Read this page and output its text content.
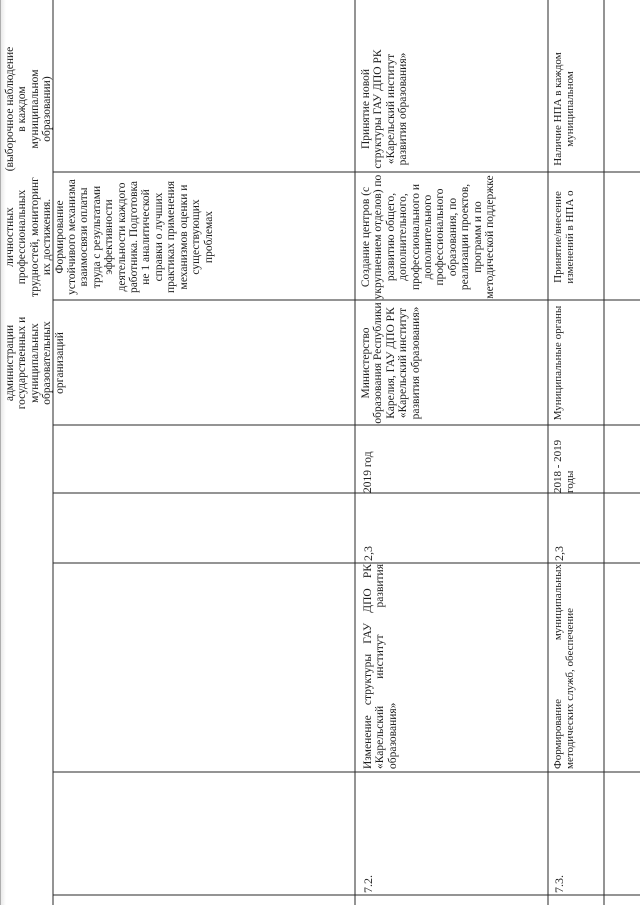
(выборочное наблюдение в каждом муниципальном образовании)
личностных профессиональных трудностей, мониторинг их достижения. Формирование устойчивого механизма взаимосвязи оплаты труда с результатами эффективности деятельности каждого работника. Подготовка не 1 аналитической справки о лучших практиках применения механизмов оценки и существующих проблемах
администрации государственных и муниципальных образовательных организаций
Принятие новой структуры ГАУ ДПО РК «Карельский институт развития образования»
Создание центров (с укрупнением отделов) по развитию общего, дополнительного, профессионального и дополнительного профессионального образования, по реализации проектов, программ и по методической поддержке
Министерство образования Республики Карелия, ГАУ ДПО РК «Карельский институт развития образования»
2019 год
2,3
Изменение структуры ГАУ ДПО РК «Карельский институт развития образования»
7.2.
Наличие НПА в каждом муниципальном
Принятие/внесение изменений в НПА о
Муниципальные органы
2018 - 2019 годы
2,3
Формирование муниципальных методических служб, обеспечение
7.3.
